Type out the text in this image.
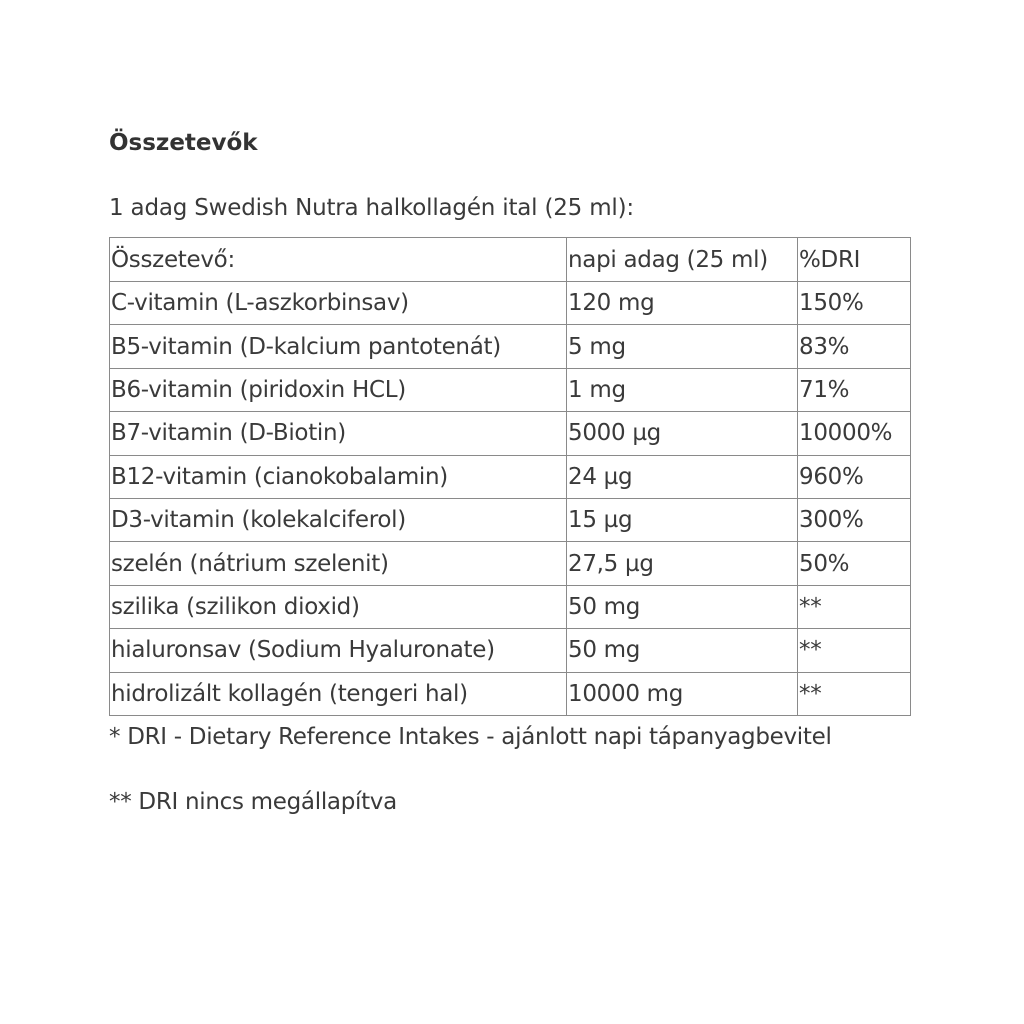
Összetevők

1 adag Swedish Nutra halkollagén ital (25 ml):

Összetevő:	napi adag (25 ml)	%DRI
C-vitamin (L-aszkorbinsav)	120 mg	150%
B5-vitamin (D-kalcium pantotenát)	5 mg	83%
B6-vitamin (piridoxin HCL)	1 mg	71%
B7-vitamin (D-Biotin)	5000 µg	10000%
B12-vitamin (cianokobalamin)	24 µg	960%
D3-vitamin (kolekalciferol)	15 µg	300%
szelén (nátrium szelenit)	27,5 µg	50%
szilika (szilikon dioxid)	50 mg	**
hialuronsav (Sodium Hyaluronate)	50 mg	**
hidrolizált kollagén (tengeri hal)	10000 mg	**

* DRI - Dietary Reference Intakes - ajánlott napi tápanyagbevitel

** DRI nincs megállapítva
